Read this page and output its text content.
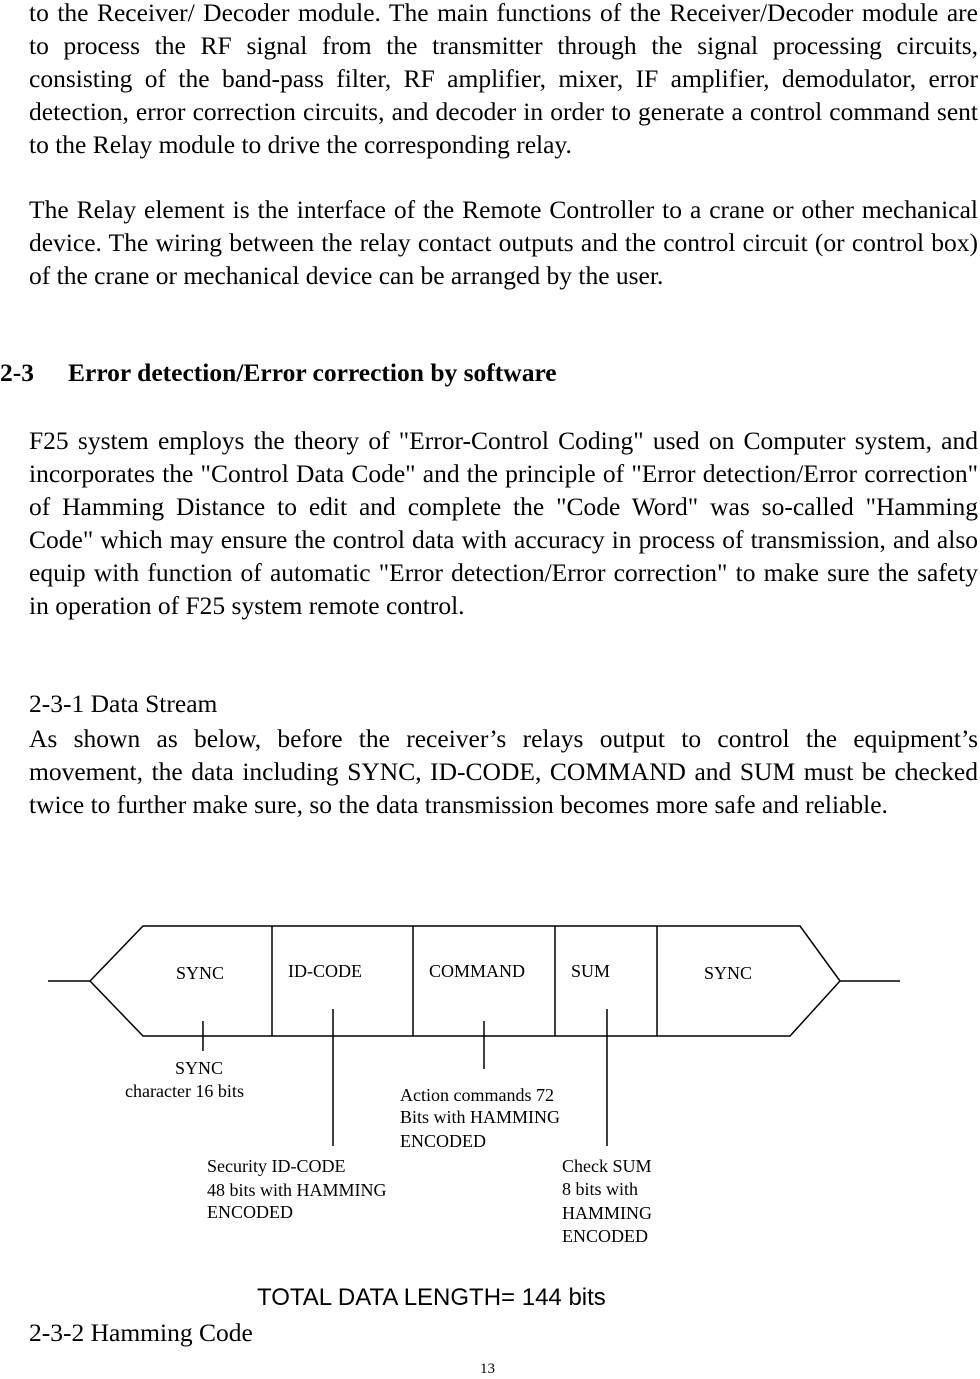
to the Receiver/ Decoder module. The main functions of the Receiver/Decoder module are to process the RF signal from the transmitter through the signal processing circuits, consisting of the band-pass filter, RF amplifier, mixer, IF amplifier, demodulator, error detection, error correction circuits, and decoder in order to generate a control command sent to the Relay module to drive the corresponding relay.

The Relay element is the interface of the Remote Controller to a crane or other mechanical device. The wiring between the relay contact outputs and the control circuit (or control box) of the crane or mechanical device can be arranged by the user.

2-3 Error detection/Error correction by software

F25 system employs the theory of "Error-Control Coding" used on Computer system, and incorporates the "Control Data Code" and the principle of "Error detection/Error correction" of Hamming Distance to edit and complete the "Code Word" was so-called "Hamming Code" which may ensure the control data with accuracy in process of transmission, and also equip with function of automatic "Error detection/Error correction" to make sure the safety in operation of F25 system remote control.

2-3-1 Data Stream

As shown as below, before the receiver’s relays output to control the equipment’s movement, the data including SYNC, ID-CODE, COMMAND and SUM must be checked twice to further make sure, so the data transmission becomes more safe and reliable.

SYNC	ID-CODE	COMMAND	SUM	SYNC
SYNC
character 16 bits	Action commands 72
Bits with HAMMING
ENCODED
Security ID-CODE
48 bits with HAMMING
ENCODED
Check SUM
8 bits with
HAMMING
ENCODED

TOTAL DATA LENGTH= 144 bits

2-3-2 Hamming Code

13
